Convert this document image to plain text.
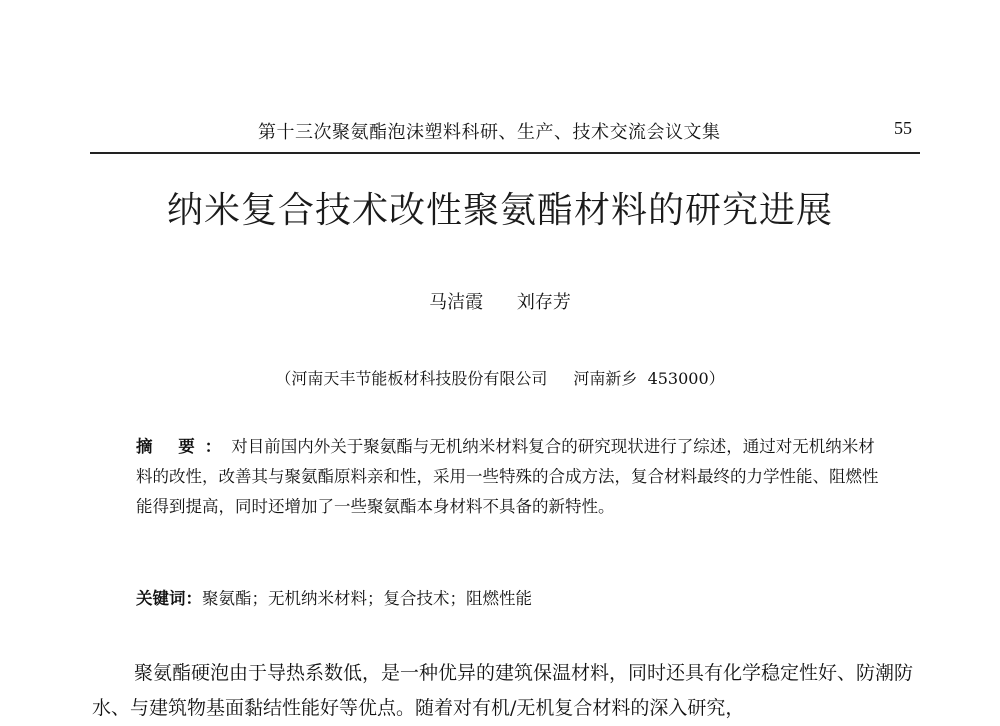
第十三次聚氨酯泡沫塑料科研、生产、技术交流会议文集	55
纳米复合技术改性聚氨酯材料的研究进展
马洁霞 刘存芳
（河南天丰节能板材科技股份有限公司 河南新乡 453000）
摘 要：对目前国内外关于聚氨酯与无机纳米材料复合的研究现状进行了综述，通过对无机纳米材料的改性，改善其与聚氨酯原料亲和性，采用一些特殊的合成方法，复合材料最终的力学性能、阻燃性能得到提高，同时还增加了一些聚氨酯本身材料不具备的新特性。
关键词：聚氨酯；无机纳米材料；复合技术；阻燃性能
聚氨酯硬泡由于导热系数低，是一种优异的建筑保温材料，同时还具有化学稳定性好、防潮防水、与建筑物基面黏结性能好等优点。随着对有机/无机复合材料的深入研究，
